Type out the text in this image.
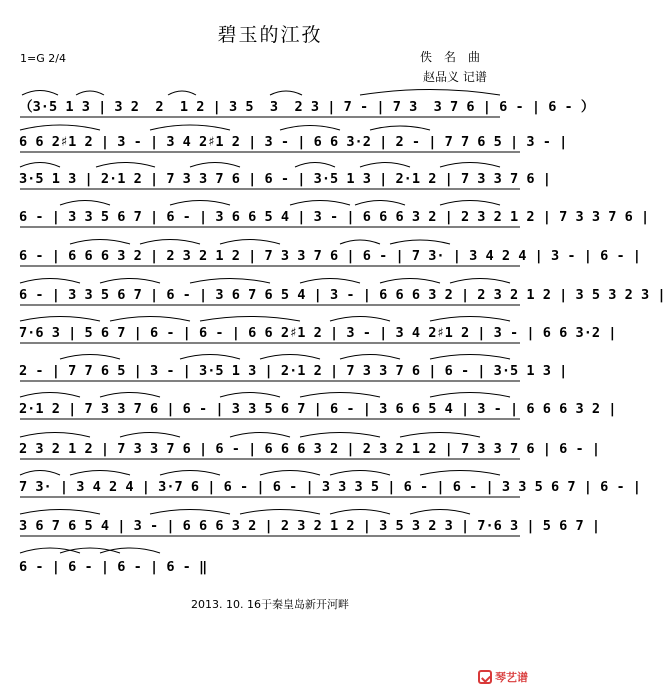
碧玉的江孜
1=G 2/4	佚名曲
赵品义 记谱
（3·5 1 3 | 3 2  2  1 2 | 3 5  3  2 3 | 7 - | 7 3  3 7 6 | 6 - | 6 - ）
6 6 2♯1 2 | 3 - | 3 4 2♯1 2 | 3 - | 6 6 3·2 | 2 - | 7 7 6 5 | 3 - |
3·5 1 3 | 2·1 2 | 7 3 3 7 6 | 6 - | 3·5 1 3 | 2·1 2 | 7 3 3 7 6 |
6 - | 3 3 5 6 7 | 6 - | 3 6 6 5 4 | 3 - | 6 6 6 3 2 | 2 3 2 1 2 | 7 3 3 7 6 |
6 - | 6 6 6 3 2 | 2 3 2 1 2 | 7 3 3 7 6 | 6 - | 7 3· | 3 4 2 4 | 3 - | 6 - |
6 - | 3 3 5 6 7 | 6 - | 3 6 7 6 5 4 | 3 - | 6 6 6 3 2 | 2 3 2 1 2 | 3 5 3 2 3 |
7·6 3 | 5 6 7 | 6 - | 6 - | 6 6 2♯1 2 | 3 - | 3 4 2♯1 2 | 3 - | 6 6 3·2 |
2 - | 7 7 6 5 | 3 - | 3·5 1 3 | 2·1 2 | 7 3 3 7 6 | 6 - | 3·5 1 3 |
2·1 2 | 7 3 3 7 6 | 6 - | 3 3 5 6 7 | 6 - | 3 6 6 5 4 | 3 - | 6 6 6 3 2 |
2 3 2 1 2 | 7 3 3 7 6 | 6 - | 6 6 6 3 2 | 2 3 2 1 2 | 7 3 3 7 6 | 6 - |
7 3· | 3 4 2 4 | 3·7 6 | 6 - | 6 - | 3 3 3 5 | 6 - | 6 - | 3 3 5 6 7 | 6 - |
3 6 7 6 5 4 | 3 - | 6 6 6 3 2 | 2 3 2 1 2 | 3 5 3 2 3 | 7·6 3 | 5 6 7 |
6 - | 6 - | 6 - | 6 - ‖
2013. 10. 16于秦皇岛新开河畔
琴艺谱
